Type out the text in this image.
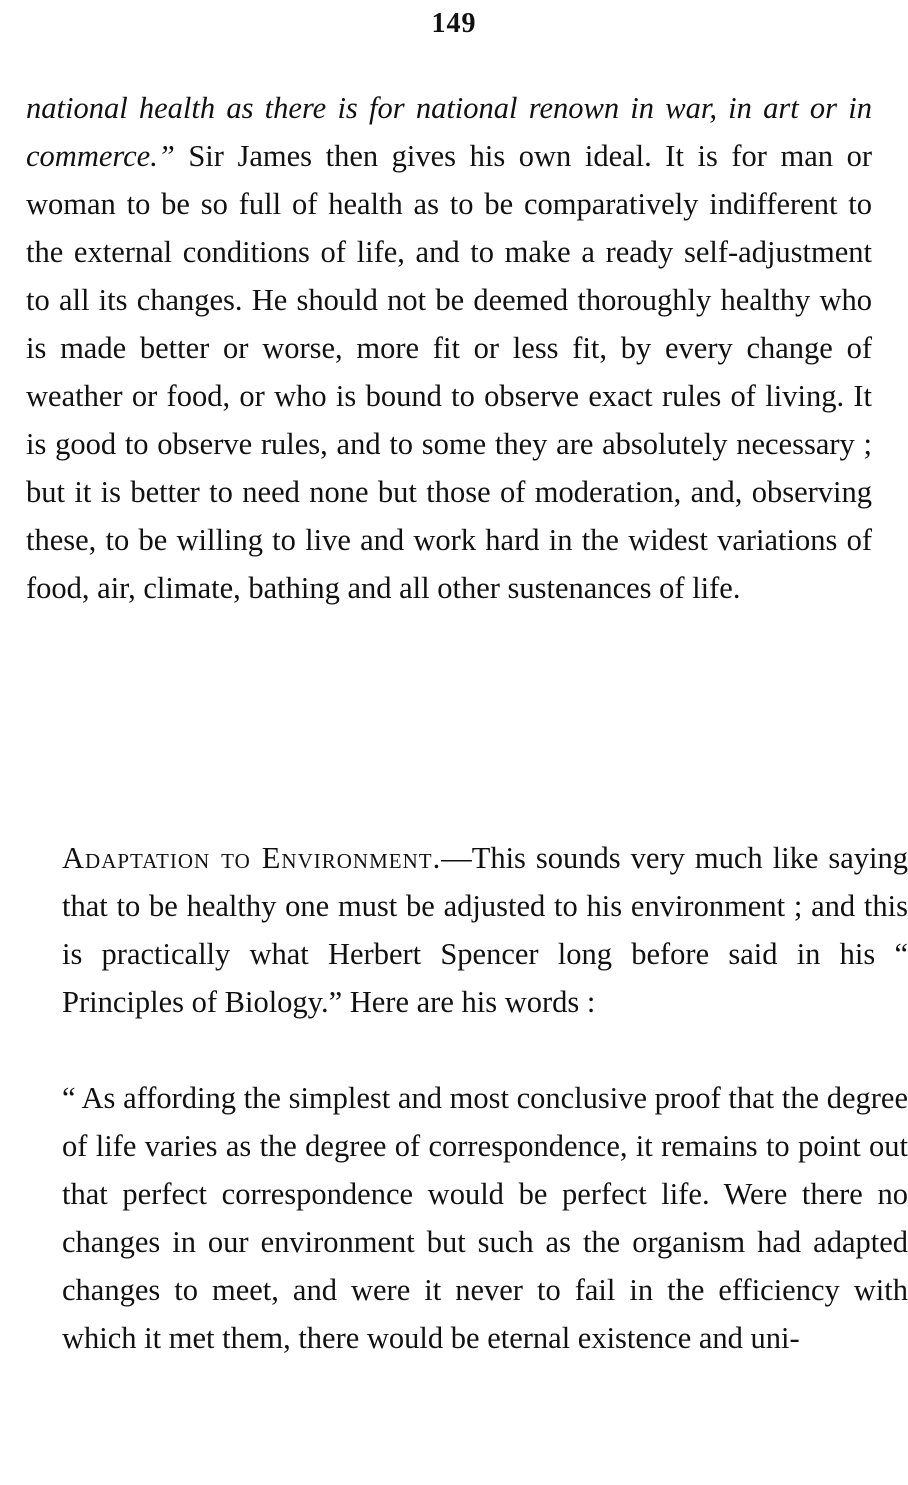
149

national health as there is for national renown in war, in art or in commerce.” Sir James then gives his own ideal. It is for man or woman to be so full of health as to be comparatively indifferent to the external conditions of life, and to make a ready self-adjustment to all its changes. He should not be deemed thoroughly healthy who is made better or worse, more fit or less fit, by every change of weather or food, or who is bound to observe exact rules of living. It is good to observe rules, and to some they are absolutely necessary ; but it is better to need none but those of moderation, and, observing these, to be willing to live and work hard in the widest variations of food, air, climate, bathing and all other sustenances of life.

Adaptation to Environment.—This sounds very much like saying that to be healthy one must be adjusted to his environment ; and this is practically what Herbert Spencer long before said in his “ Principles of Biology.” Here are his words :

“ As affording the simplest and most conclusive proof that the degree of life varies as the degree of correspondence, it remains to point out that perfect correspondence would be perfect life. Were there no changes in our environment but such as the organism had adapted changes to meet, and were it never to fail in the efficiency with which it met them, there would be eternal existence and uni-
